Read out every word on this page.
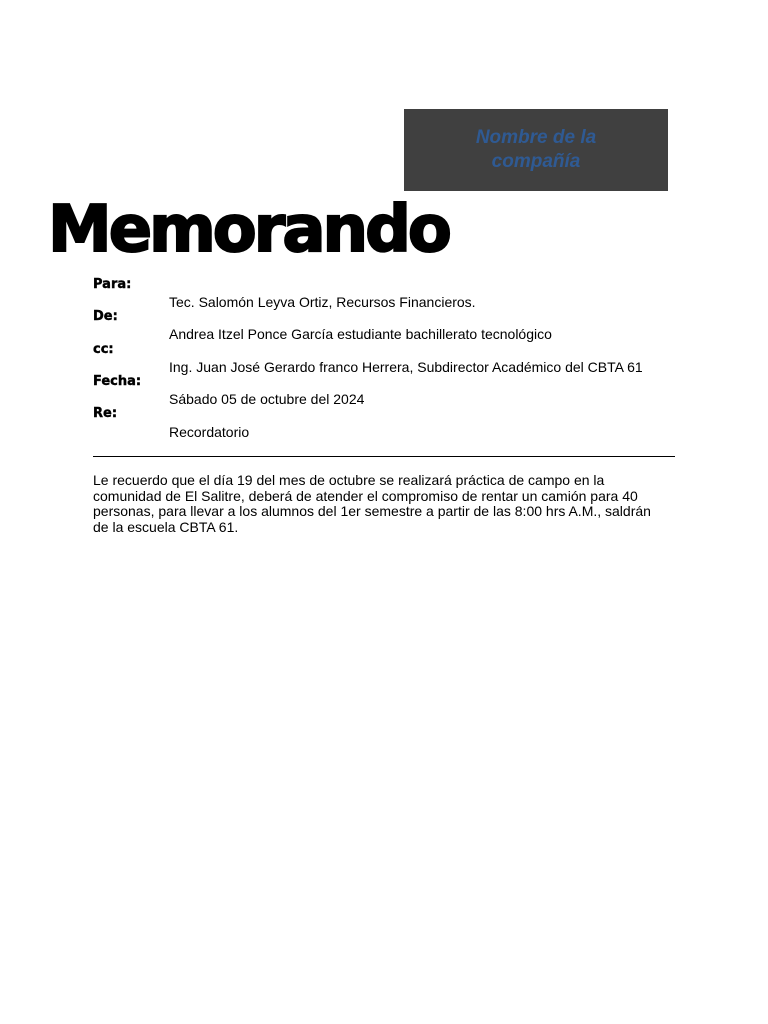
Nombre de la compañía
Memorando
Para:
Tec. Salomón Leyva Ortiz, Recursos Financieros.
De:
Andrea Itzel Ponce García estudiante bachillerato tecnológico
cc:
Ing. Juan José Gerardo franco Herrera, Subdirector Académico del CBTA 61
Fecha:
Sábado 05 de octubre del 2024
Re:
Recordatorio

Le recuerdo que el día 19 del mes de octubre se realizará práctica de campo en la comunidad de El Salitre, deberá de atender el compromiso de rentar un camión para 40 personas, para llevar a los alumnos del 1er semestre a partir de las 8:00 hrs A.M., saldrán de la escuela CBTA 61.
